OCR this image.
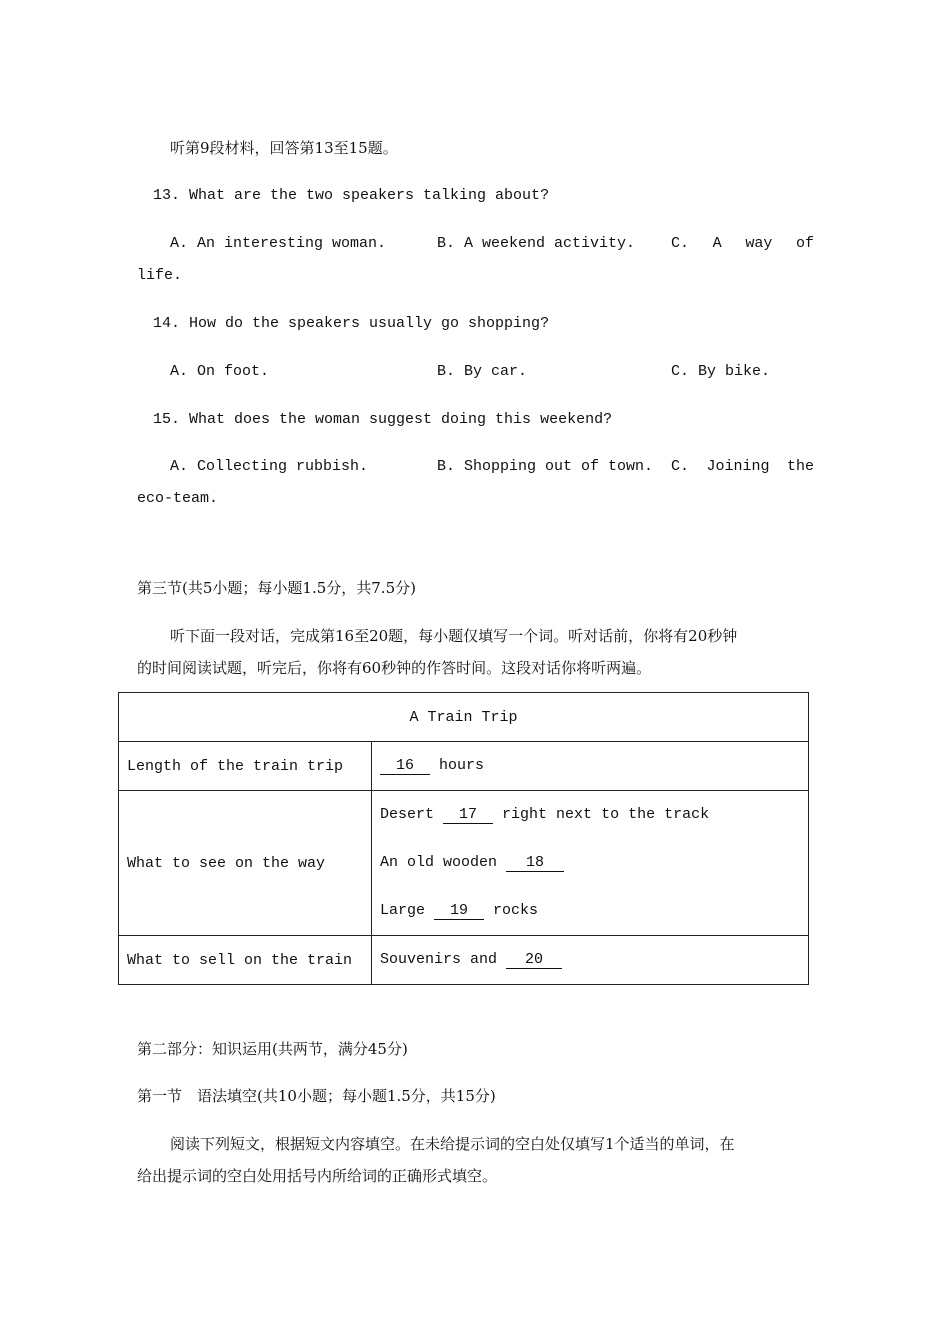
听第9段材料，回答第13至15题。
13. What are the two speakers talking about?
A. An interesting woman.	B. A weekend activity. C. A way of
life.
14. How do the speakers usually go shopping?
A. On foot.	B. By car.	C. By bike.
15. What does the woman suggest doing this weekend?
A. Collecting rubbish.	B. Shopping out of town. C. Joining the
eco-team.
第三节(共5小题；每小题1.5分，共7.5分)
听下面一段对话，完成第16至20题，每小题仅填写一个词。听对话前，你将有20秒钟
的时间阅读试题，听完后，你将有60秒钟的作答时间。这段对话你将听两遍。
A Train Trip	
Length of the train trip	16 hours
What to see on the way	Desert 17 right next to the track
An old wooden 18
Large 19 rocks

What to sell on the train	Souvenirs and 20
第二部分：知识运用(共两节，满分45分)
第一节　语法填空(共10小题；每小题1.5分，共15分)
阅读下列短文，根据短文内容填空。在未给提示词的空白处仅填写1个适当的单词，在
给出提示词的空白处用括号内所给词的正确形式填空。
